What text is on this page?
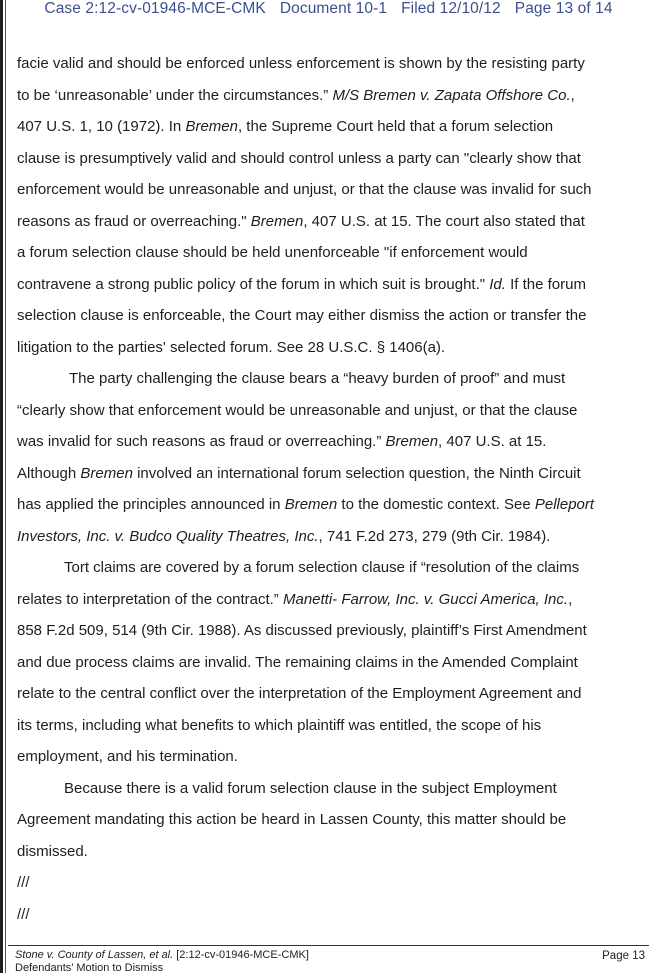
Case 2:12-cv-01946-MCE-CMK Document 10-1 Filed 12/10/12 Page 13 of 14
facie valid and should be enforced unless enforcement is shown by the resisting party
to be ‘unreasonable’ under the circumstances.” M/S Bremen v. Zapata Offshore Co.,
407 U.S. 1, 10 (1972). In Bremen, the Supreme Court held that a forum selection
clause is presumptively valid and should control unless a party can "clearly show that
enforcement would be unreasonable and unjust, or that the clause was invalid for such
reasons as fraud or overreaching." Bremen, 407 U.S. at 15. The court also stated that
a forum selection clause should be held unenforceable "if enforcement would
contravene a strong public policy of the forum in which suit is brought." Id. If the forum
selection clause is enforceable, the Court may either dismiss the action or transfer the
litigation to the parties' selected forum. See 28 U.S.C. § 1406(a).
The party challenging the clause bears a “heavy burden of proof” and must
“clearly show that enforcement would be unreasonable and unjust, or that the clause
was invalid for such reasons as fraud or overreaching.” Bremen, 407 U.S. at 15.
Although Bremen involved an international forum selection question, the Ninth Circuit
has applied the principles announced in Bremen to the domestic context. See Pelleport
Investors, Inc. v. Budco Quality Theatres, Inc., 741 F.2d 273, 279 (9th Cir. 1984).
Tort claims are covered by a forum selection clause if “resolution of the claims
relates to interpretation of the contract.” Manetti- Farrow, Inc. v. Gucci America, Inc.,
858 F.2d 509, 514 (9th Cir. 1988). As discussed previously, plaintiff’s First Amendment
and due process claims are invalid. The remaining claims in the Amended Complaint
relate to the central conflict over the interpretation of the Employment Agreement and
its terms, including what benefits to which plaintiff was entitled, the scope of his
employment, and his termination.
Because there is a valid forum selection clause in the subject Employment
Agreement mandating this action be heard in Lassen County, this matter should be
dismissed.
///
///
Stone v. County of Lassen, et al. [2:12-cv-01946-MCE-CMK]
Defendants’ Motion to Dismiss
Page 13
